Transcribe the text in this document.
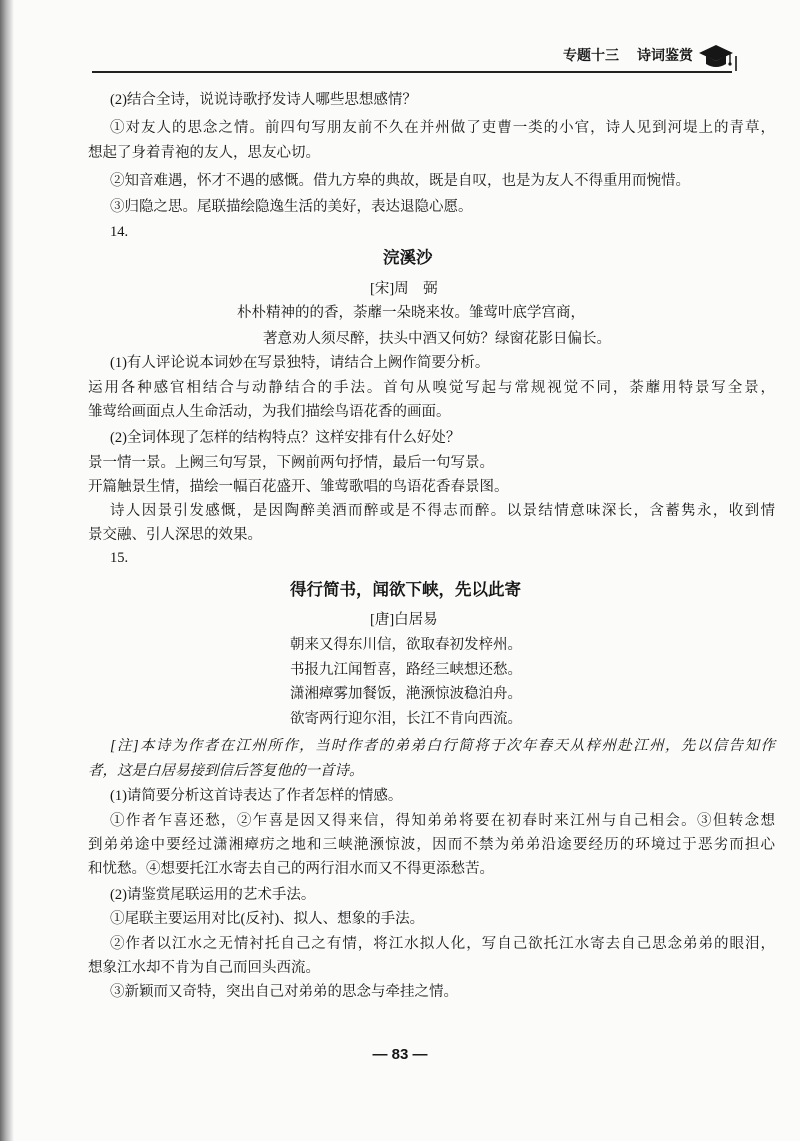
专题十三 诗词鉴赏
(2)结合全诗，说说诗歌抒发诗人哪些思想感情？
①对友人的思念之情。前四句写朋友前不久在并州做了吏曹一类的小官，诗人见到河堤上的青草，
想起了身着青袍的友人，思友心切。
②知音难遇，怀才不遇的感慨。借九方皋的典故，既是自叹，也是为友人不得重用而惋惜。
③归隐之思。尾联描绘隐逸生活的美好，表达退隐心愿。
14.
浣溪沙
[宋]周　弼
朴朴精神的的香，荼蘼一朵晓来妆。雏莺叶底学宫商，
著意劝人须尽醉，扶头中酒又何妨？绿窗花影日偏长。
(1)有人评论说本词妙在写景独特，请结合上阙作简要分析。
运用各种感官相结合与动静结合的手法。首句从嗅觉写起与常规视觉不同，荼蘼用特景写全景，
雏莺给画面点人生命活动，为我们描绘鸟语花香的画面。
(2)全词体现了怎样的结构特点？这样安排有什么好处？
景一情一景。上阙三句写景，下阙前两句抒情，最后一句写景。
开篇触景生情，描绘一幅百花盛开、雏莺歌唱的鸟语花香春景图。
诗人因景引发感慨，是因陶醉美酒而醉或是不得志而醉。以景结情意味深长，含蓄隽永，收到情
景交融、引人深思的效果。
15.
得行简书，闻欲下峡，先以此寄
[唐]白居易
朝来又得东川信，欲取春初发梓州。
书报九江闻暂喜，路经三峡想还愁。
潇湘瘴雾加餐饭，滟滪惊波稳泊舟。
欲寄两行迎尔泪，长江不肯向西流。
[注]本诗为作者在江州所作，当时作者的弟弟白行简将于次年春天从梓州赴江州，先以信告知作
者，这是白居易接到信后答复他的一首诗。
(1)请简要分析这首诗表达了作者怎样的情感。
①作者乍喜还愁，②乍喜是因又得来信，得知弟弟将要在初春时来江州与自己相会。③但转念想
到弟弟途中要经过潇湘瘴疠之地和三峡滟滪惊波，因而不禁为弟弟沿途要经历的环境过于恶劣而担心
和忧愁。④想要托江水寄去自己的两行泪水而又不得更添愁苦。
(2)请鉴赏尾联运用的艺术手法。
①尾联主要运用对比(反衬)、拟人、想象的手法。
②作者以江水之无情衬托自己之有情，将江水拟人化，写自己欲托江水寄去自己思念弟弟的眼泪，
想象江水却不肯为自己而回头西流。
③新颖而又奇特，突出自己对弟弟的思念与牵挂之情。
— 83 —
